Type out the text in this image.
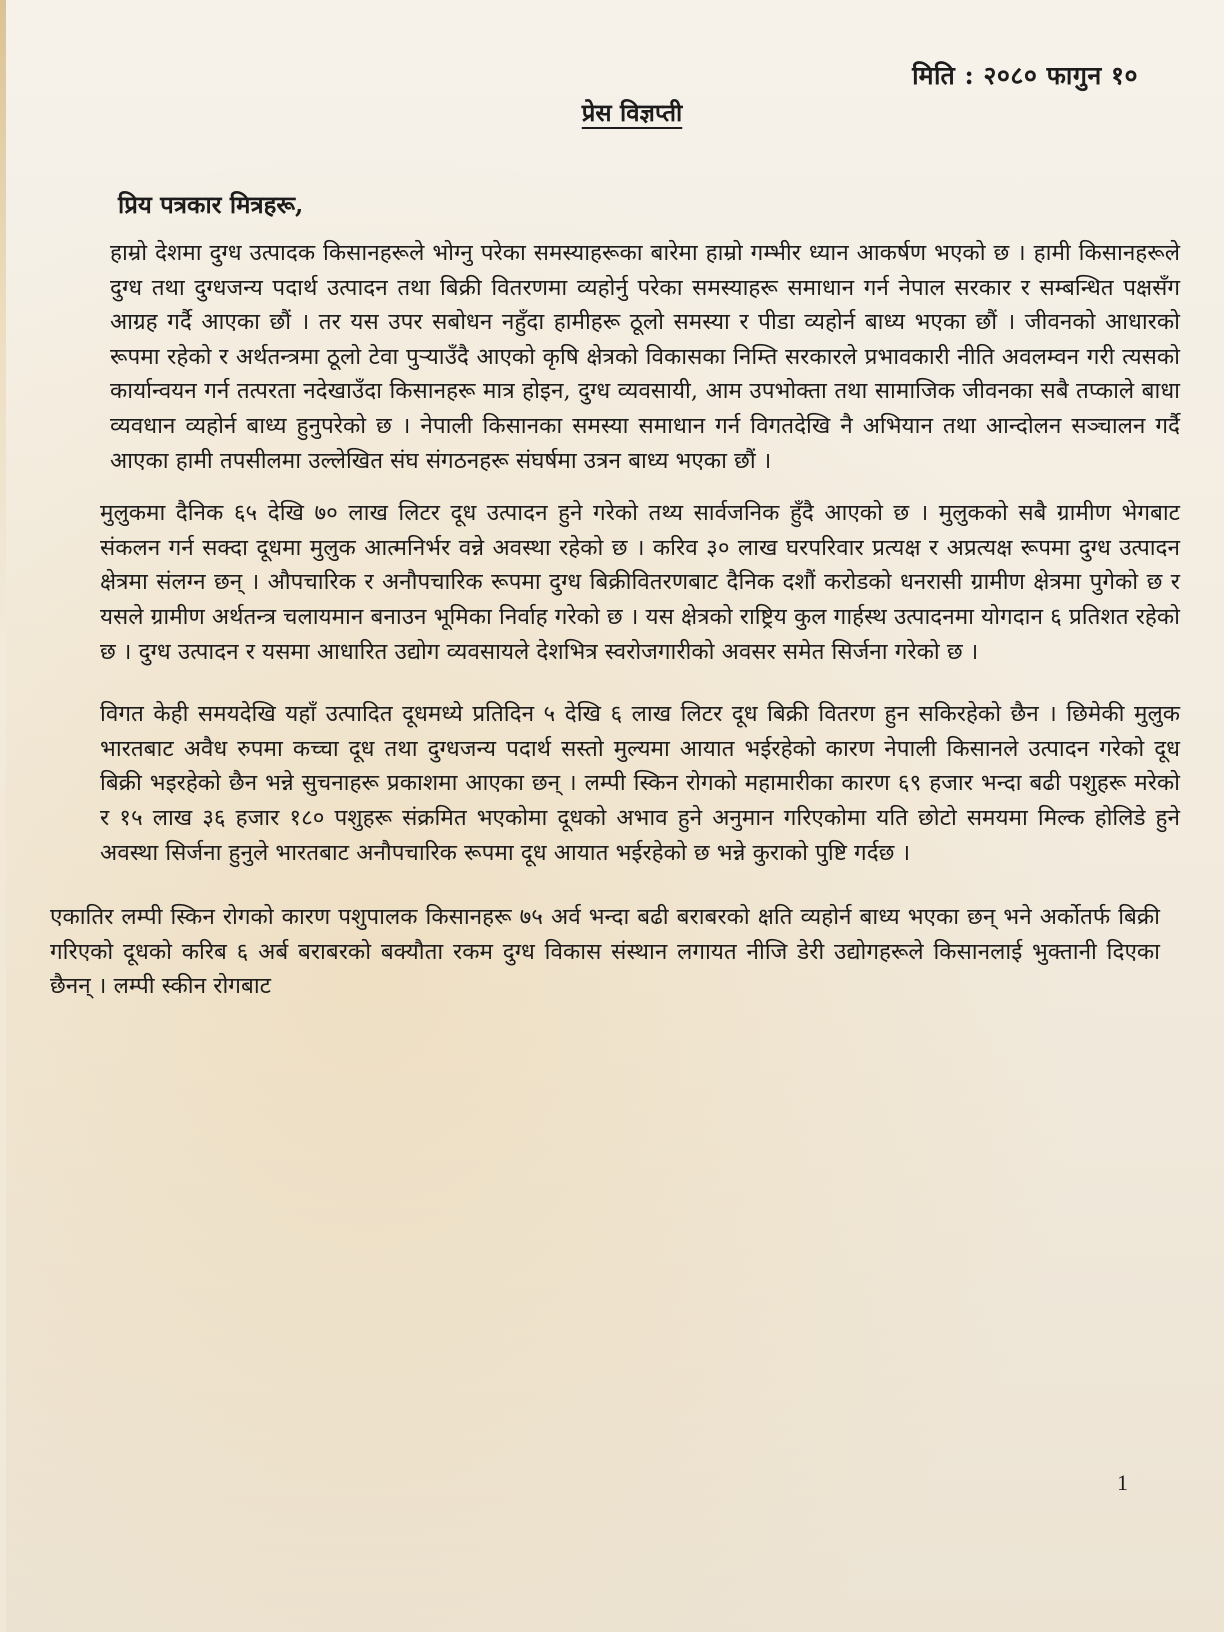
मिति : २०८० फागुन १०
प्रेस विज्ञप्ती
प्रिय पत्रकार मित्रहरू,

हाम्रो देशमा दुग्ध उत्पादक किसानहरूले भोग्नु परेका समस्याहरूका बारेमा हाम्रो गम्भीर ध्यान आकर्षण भएको छ । हामी किसानहरूले दुग्ध तथा दुग्धजन्य पदार्थ उत्पादन तथा बिक्री वितरणमा व्यहोर्नु परेका समस्याहरू समाधान गर्न नेपाल सरकार र सम्बन्धित पक्षसँग आग्रह गर्दै आएका छौं । तर यस उपर सबोधन नहुँदा हामीहरू ठूलो समस्या र पीडा व्यहोर्न बाध्य भएका छौं । जीवनको आधारको रूपमा रहेको र अर्थतन्त्रमा ठूलो टेवा पुर्‍याउँदै आएको कृषि क्षेत्रको विकासका निम्ति सरकारले प्रभावकारी नीति अवलम्वन गरी त्यसको कार्यान्वयन गर्न तत्परता नदेखाउँदा किसानहरू मात्र होइन, दुग्ध व्यवसायी, आम उपभोक्ता तथा सामाजिक जीवनका सबै तप्काले बाधा व्यवधान व्यहोर्न बाध्य हुनुपरेको छ । नेपाली किसानका समस्या समाधान गर्न विगतदेखि नै अभियान तथा आन्दोलन सञ्चालन गर्दै आएका हामी तपसीलमा उल्लेखित संघ संगठनहरू संघर्षमा उत्रन बाध्य भएका छौं ।

मुलुकमा दैनिक ६५ देखि ७० लाख लिटर दूध उत्पादन हुने गरेको तथ्य सार्वजनिक हुँदै आएको छ । मुलुकको सबै ग्रामीण भेगबाट संकलन गर्न सक्दा दूधमा मुलुक आत्मनिर्भर वन्ने अवस्था रहेको छ । करिव ३० लाख घरपरिवार प्रत्यक्ष र अप्रत्यक्ष रूपमा दुग्ध उत्पादन क्षेत्रमा संलग्न छन् । औपचारिक र अनौपचारिक रूपमा दुग्ध बिक्रीवितरणबाट दैनिक दशौं करोडको धनरासी ग्रामीण क्षेत्रमा पुगेको छ र यसले ग्रामीण अर्थतन्त्र चलायमान बनाउन भूमिका निर्वाह गरेको छ । यस क्षेत्रको राष्ट्रिय कुल गार्हस्थ उत्पादनमा योगदान ६ प्रतिशत रहेको छ । दुग्ध उत्पादन र यसमा आधारित उद्योग व्यवसायले देशभित्र स्वरोजगारीको अवसर समेत सिर्जना गरेको छ ।

विगत केही समयदेखि यहाँ उत्पादित दूधमध्ये प्रतिदिन ५ देखि ६ लाख लिटर दूध बिक्री वितरण हुन सकिरहेको छैन । छिमेकी मुलुक भारतबाट अवैध रुपमा कच्चा दूध तथा दुग्धजन्य पदार्थ सस्तो मुल्यमा आयात भईरहेको कारण नेपाली किसानले उत्पादन गरेको दूध बिक्री भइरहेको छैन भन्ने सुचनाहरू प्रकाशमा आएका छन् । लम्पी स्किन रोगको महामारीका कारण ६९ हजार भन्दा बढी पशुहरू मरेको र १५ लाख ३६ हजार १८० पशुहरू संक्रमित भएकोमा दूधको अभाव हुने अनुमान गरिएकोमा यति छोटो समयमा मिल्क होलिडे हुने अवस्था सिर्जना हुनुले भारतबाट अनौपचारिक रूपमा दूध आयात भईरहेको छ भन्ने कुराको पुष्टि गर्दछ ।

एकातिर लम्पी स्किन रोगको कारण पशुपालक किसानहरू ७५ अर्व भन्दा बढी बराबरको क्षति व्यहोर्न बाध्य भएका छन् भने अर्कोतर्फ बिक्री गरिएको दूधको करिब ६ अर्ब बराबरको बक्यौता रकम दुग्ध विकास संस्थान लगायत नीजि डेरी उद्योगहरूले किसानलाई भुक्तानी दिएका छैनन् । लम्पी स्कीन रोगबाट

1
